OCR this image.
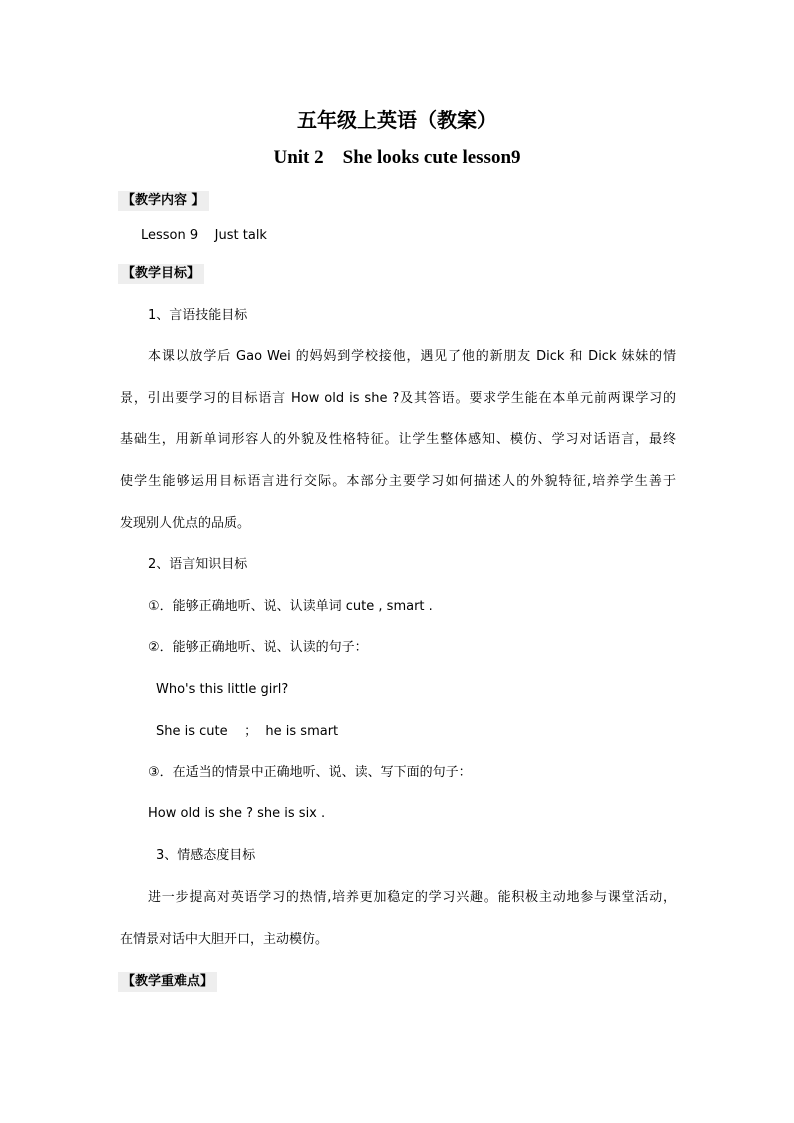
五年级上英语（教案）
Unit 2    She looks cute lesson9
【教学内容 】
Lesson 9    Just talk
【教学目标】
1、言语技能目标
本课以放学后 Gao Wei 的妈妈到学校接他，遇见了他的新朋友 Dick 和 Dick 妹妹的情
景，引出要学习的目标语言 How old is she ?及其答语。要求学生能在本单元前两课学习的
基础生，用新单词形容人的外貌及性格特征。让学生整体感知、模仿、学习对话语言，最终
使学生能够运用目标语言进行交际。本部分主要学习如何描述人的外貌特征,培养学生善于
发现别人优点的品质。
2、语言知识目标
①．能够正确地听、说、认读单词 cute , smart .
②．能够正确地听、说、认读的句子：
Who's this little girl?
She is cute    ；  he is smart
③．在适当的情景中正确地听、说、读、写下面的句子：
How old is she ? she is six .
3、情感态度目标
进一步提高对英语学习的热情,培养更加稳定的学习兴趣。能积极主动地参与课堂活动，
在情景对话中大胆开口，主动模仿。
【教学重难点】
